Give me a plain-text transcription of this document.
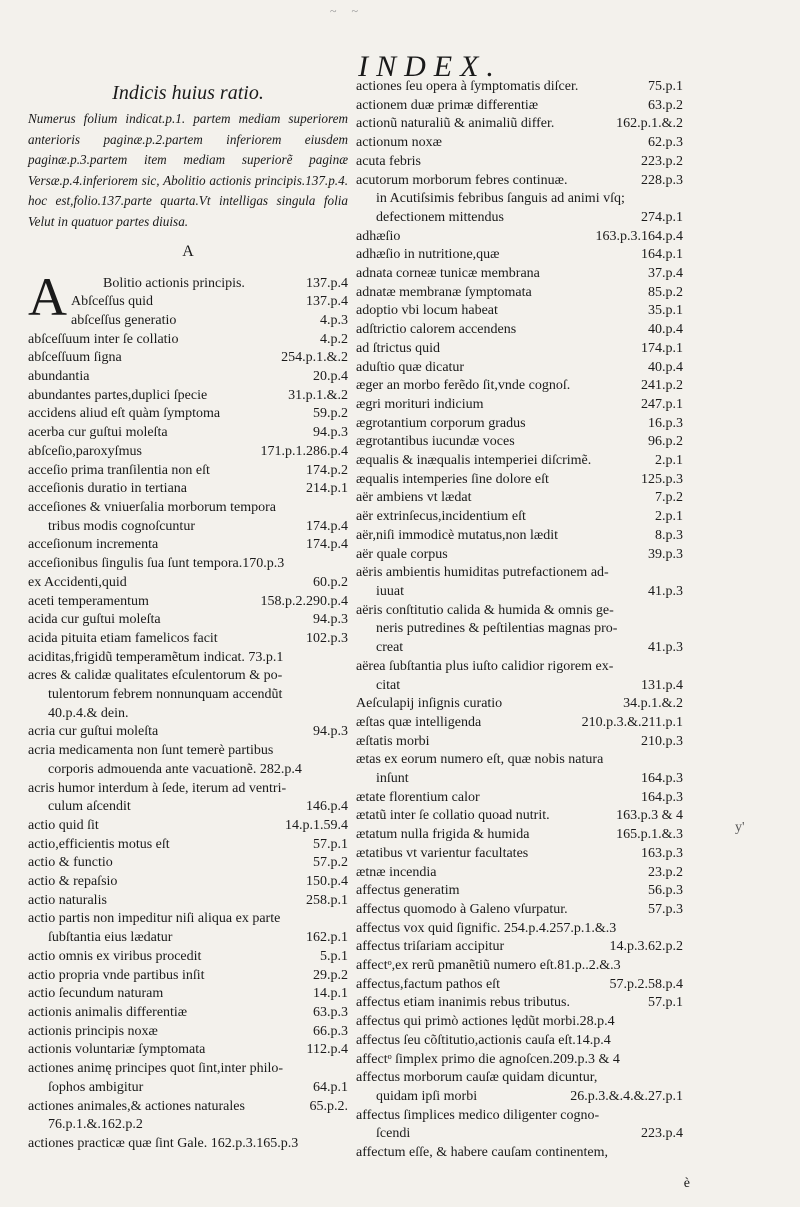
~ ~
INDEX.
Indicis huius ratio.

Numerus folium indicat.p.1. partem mediam superiorem anterioris paginæ.p.2.partem inferiorem eiusdem paginæ.p.3.partem item mediam superiorẽ paginæ Versæ.p.4.inferiorem sic, Abolitio actionis principis.137.p.4. hoc est,folio.137.parte quarta.Vt intelligas singula folia Velut in quatuor partes diuisa.

A
A	Bolitio actionis principis.	137.p.4
Abſceſſus quid	137.p.4
abſceſſus generatio	4.p.3
abſceſſuum inter ſe collatio	4.p.2
abſceſſuum ſigna	254.p.1.&.2
abundantia	20.p.4
abundantes partes,duplici ſpecie	31.p.1.&.2
accidens aliud eſt quàm ſymptoma	59.p.2
acerba cur guſtui moleſta	94.p.3
abſceſio,paroxyſmus	171.p.1.286.p.4
acceſio prima tranſilentia non eſt	174.p.2
acceſionis duratio in tertiana	214.p.1
acceſiones & vniuerſalia morborum tempora
tribus modis cognoſcuntur	174.p.4
acceſionum incrementa	174.p.4
acceſionibus ſingulis ſua ſunt tempora.170.p.3
ex Accidenti,quid	60.p.2
aceti temperamentum	158.p.2.290.p.4
acida cur guſtui moleſta	94.p.3
acida pituita etiam famelicos facit	102.p.3
aciditas,frigidũ temperamẽtum indicat. 73.p.1
acres & calidæ qualitates eſculentorum & po-
tulentorum febrem nonnunquam accendũt
40.p.4.& dein.
acria cur guſtui moleſta	94.p.3
acria medicamenta non ſunt temerè partibus
corporis admouenda ante vacuationẽ. 282.p.4
acris humor interdum à ſede, iterum ad ventri-
culum aſcendit	146.p.4
actio quid ſit	14.p.1.59.4
actio,efficientis motus eſt	57.p.1
actio & functio	57.p.2
actio & repaſsio	150.p.4
actio naturalis	258.p.1
actio partis non impeditur niſi aliqua ex parte
ſubſtantia eius lædatur	162.p.1
actio omnis ex viribus procedit	5.p.1
actio propria vnde partibus inſit	29.p.2
actio ſecundum naturam	14.p.1
actionis animalis differentiæ	63.p.3
actionis principis noxæ	66.p.3
actionis voluntariæ ſymptomata	112.p.4
actiones animę principes quot ſint,inter philo-
ſophos ambigitur	64.p.1
actiones animales,& actiones naturales	65.p.2.
76.p.1.&.162.p.2
actiones practicæ quæ ſint Gale. 162.p.3.165.p.3
actiones ſeu opera à ſymptomatis diſcer.	75.p.1
actionem duæ primæ differentiæ	63.p.2
actionũ naturaliũ & animaliũ differ.	162.p.1.&.2
actionum noxæ	62.p.3
acuta febris	223.p.2
acutorum morborum febres continuæ.	228.p.3
in Acutiſsimis febribus ſanguis ad animi vſq;
defectionem mittendus	274.p.1
adhæſio	163.p.3.164.p.4
adhæſio in nutritione,quæ	164.p.1
adnata corneæ tunicæ membrana	37.p.4
adnatæ membranæ ſymptomata	85.p.2
adoptio vbi locum habeat	35.p.1
adſtrictio calorem accendens	40.p.4
ad ſtrictus quid	174.p.1
aduſtio quæ dicatur	40.p.4
æger an morbo ferẽdo ſit,vnde cognoſ.	241.p.2
ægri morituri indicium	247.p.1
ægrotantium corporum gradus	16.p.3
ægrotantibus iucundæ voces	96.p.2
æqualis & inæqualis intemperiei diſcrimẽ.	2.p.1
æqualis intemperies ſine dolore eſt	125.p.3
aër ambiens vt lædat	7.p.2
aër extrinſecus,incidentium eſt	2.p.1
aër,niſi immodicè mutatus,non lædit	8.p.3
aër quale corpus	39.p.3
aëris ambientis humiditas putrefactionem ad-
iuuat	41.p.3
aëris conſtitutio calida & humida & omnis ge-
neris putredines & peſtilentias magnas pro-
creat	41.p.3
aërea ſubſtantia plus iuſto calidior rigorem ex-
citat	131.p.4
Aeſculapij inſignis curatio	34.p.1.&.2
æſtas quæ intelligenda	210.p.3.&.211.p.1
æſtatis morbi	210.p.3
ætas ex eorum numero eſt, quæ nobis natura
inſunt	164.p.3
ætate florentium calor	164.p.3
ætatũ inter ſe collatio quoad nutrit.	163.p.3 & 4
ætatum nulla frigida & humida	165.p.1.&.3
ætatibus vt varientur facultates	163.p.3
ætnæ incendia	23.p.2
affectus generatim	56.p.3
affectus quomodo à Galeno vſurpatur.	57.p.3
affectus vox quid ſignific. 254.p.4.257.p.1.&.3
affectus triſariam accipitur	14.p.3.62.p.2
affectᵒ,ex rerũ pmanẽtiũ numero eſt.81.p..2.&.3
affectus,factum pathos eſt	57.p.2.58.p.4
affectus etiam inanimis rebus tributus.	57.p.1
affectus qui primò actiones lędũt morbi.28.p.4
affectus ſeu cõſtitutio,actionis cauſa eſt.14.p.4
affectᵒ ſimplex primo die agnoſcen.209.p.3 & 4
affectus morborum cauſæ quidam dicuntur,
quidam ipſi morbi	26.p.3.&.4.&.27.p.1
affectus ſimplices medico diligenter cogno-
ſcendi	223.p.4
affectum eſſe, & habere cauſam continentem,
y'
è
